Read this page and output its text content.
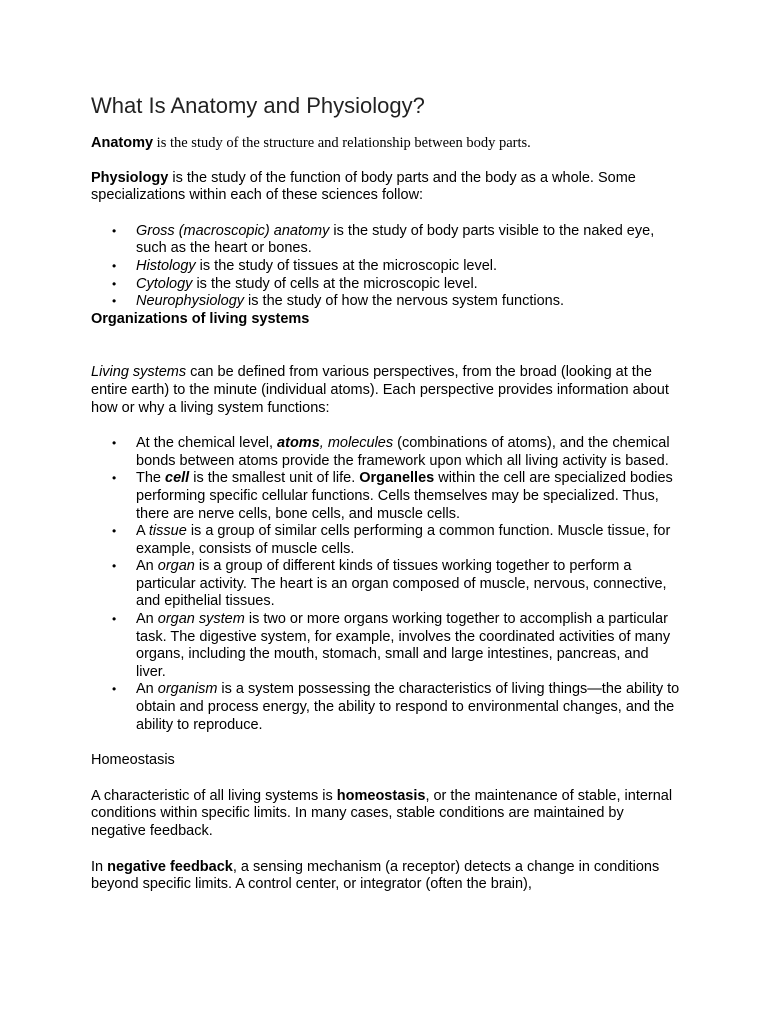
What Is Anatomy and Physiology?

Anatomy is the study of the structure and relationship between body parts.

Physiology is the study of the function of body parts and the body as a whole. Some specializations within each of these sciences follow:

• Gross (macroscopic) anatomy is the study of body parts visible to the naked eye, such as the heart or bones.
• Histology is the study of tissues at the microscopic level.
• Cytology is the study of cells at the microscopic level.
• Neurophysiology is the study of how the nervous system functions.

Organizations of living systems

Living systems can be defined from various perspectives, from the broad (looking at the entire earth) to the minute (individual atoms). Each perspective provides information about how or why a living system functions:

• At the chemical level, atoms, molecules (combinations of atoms), and the chemical bonds between atoms provide the framework upon which all living activity is based.
• The cell is the smallest unit of life. Organelles within the cell are specialized bodies performing specific cellular functions. Cells themselves may be specialized. Thus, there are nerve cells, bone cells, and muscle cells.
• A tissue is a group of similar cells performing a common function. Muscle tissue, for example, consists of muscle cells.
• An organ is a group of different kinds of tissues working together to perform a particular activity. The heart is an organ composed of muscle, nervous, connective, and epithelial tissues.
• An organ system is two or more organs working together to accomplish a particular task. The digestive system, for example, involves the coordinated activities of many organs, including the mouth, stomach, small and large intestines, pancreas, and liver.
• An organism is a system possessing the characteristics of living things—the ability to obtain and process energy, the ability to respond to environmental changes, and the ability to reproduce.

Homeostasis

A characteristic of all living systems is homeostasis, or the maintenance of stable, internal conditions within specific limits. In many cases, stable conditions are maintained by negative feedback.

In negative feedback, a sensing mechanism (a receptor) detects a change in conditions beyond specific limits. A control center, or integrator (often the brain),
